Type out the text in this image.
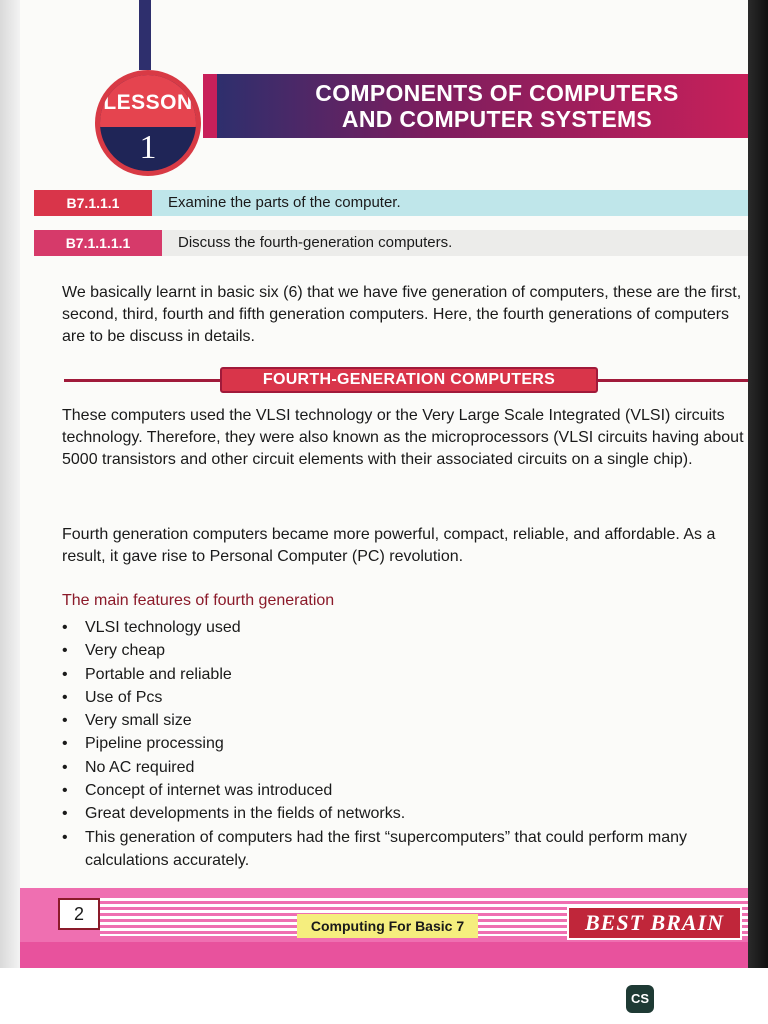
LESSON
1
COMPONENTS OF COMPUTERS
AND COMPUTER SYSTEMS
B7.1.1.1	Examine the parts of the computer.
B7.1.1.1.1	Discuss the fourth-generation computers.
We basically learnt in basic six (6) that we have five generation of computers, these are the first, second, third, fourth and fifth generation computers. Here, the fourth generations of computers are to be discuss in details.
FOURTH-GENERATION COMPUTERS
These computers used the VLSI technology or the Very Large Scale Integrated (VLSI) circuits technology. Therefore, they were also known as the microprocessors (VLSI circuits having about 5000 transistors and other circuit elements with their associated circuits on a single chip).
Fourth generation computers became more powerful, compact, reliable, and affordable. As a result, it gave rise to Personal Computer (PC) revolution.
The main features of fourth generation
• VLSI technology used
• Very cheap
• Portable and reliable
• Use of Pcs
• Very small size
• Pipeline processing
• No AC required
• Concept of internet was introduced
• Great developments in the fields of networks.
• This generation of computers had the first “supercomputers” that could perform many calculations accurately.
2
Computing For Basic 7	BEST BRAIN
CS
